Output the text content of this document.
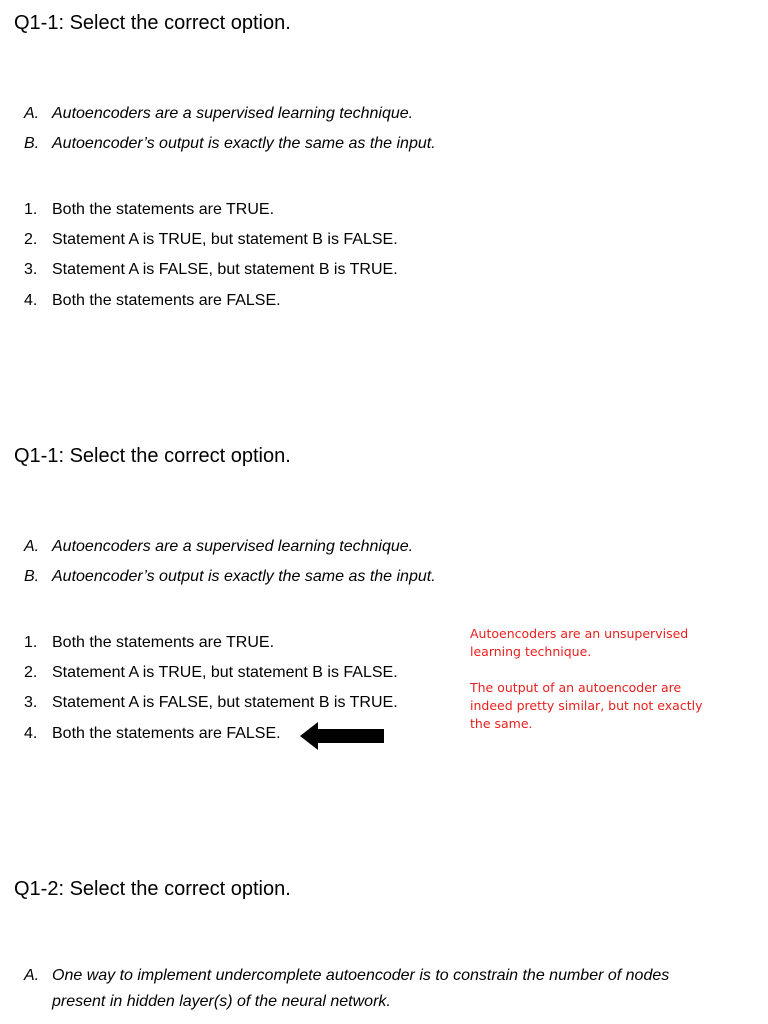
Q1-1: Select the correct option.
A. Autoencoders are a supervised learning technique.
B. Autoencoder’s output is exactly the same as the input.
1. Both the statements are TRUE.
2. Statement A is TRUE, but statement B is FALSE.
3. Statement A is FALSE, but statement B is TRUE.
4. Both the statements are FALSE.
Q1-1: Select the correct option.
A. Autoencoders are a supervised learning technique.
B. Autoencoder’s output is exactly the same as the input.
1. Both the statements are TRUE.
2. Statement A is TRUE, but statement B is FALSE.
3. Statement A is FALSE, but statement B is TRUE.
4. Both the statements are FALSE.
Autoencoders are an unsupervised learning technique.
The output of an autoencoder are indeed pretty similar, but not exactly the same.
Q1-2: Select the correct option.
A. One way to implement undercomplete autoencoder is to constrain the number of nodes present in hidden layer(s) of the neural network.
